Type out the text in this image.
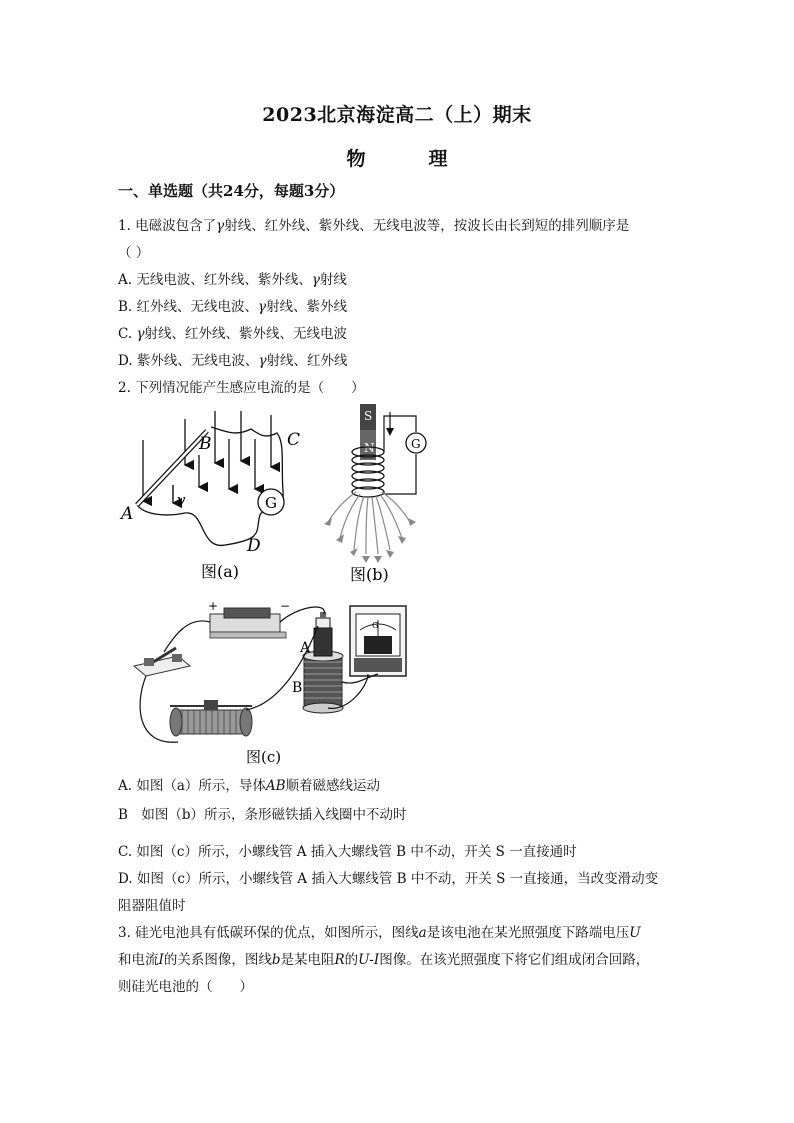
2023北京海淀高二（上）期末
物　理
一、单选题（共24分，每题3分）
1. 电磁波包含了γ射线、红外线、紫外线、无线电波等，按波长由长到短的排列顺序是
（ ）
A. 无线电波、红外线、紫外线、γ射线
B. 红外线、无线电波、γ射线、紫外线
C. γ射线、红外线、紫外线、无线电波
D. 紫外线、无线电波、γ射线、红外线
2. 下列情况能产生感应电流的是（　　）
G
A
B	C
D
v
图(a)
S
N	G
图(b)
+	−
A
B
G
图(c)
A. 如图（a）所示，导体AB顺着磁感线运动
B　如图（b）所示，条形磁铁插入线圈中不动时
C. 如图（c）所示，小螺线管 A 插入大螺线管 B 中不动，开关 S 一直接通时
D. 如图（c）所示，小螺线管 A 插入大螺线管 B 中不动，开关 S 一直接通，当改变滑动变
阻器阻值时
3. 硅光电池具有低碳环保的优点，如图所示，图线a是该电池在某光照强度下路端电压U
和电流I的关系图像，图线b是某电阻R的U-I图像。在该光照强度下将它们组成闭合回路，
则硅光电池的（　　）
